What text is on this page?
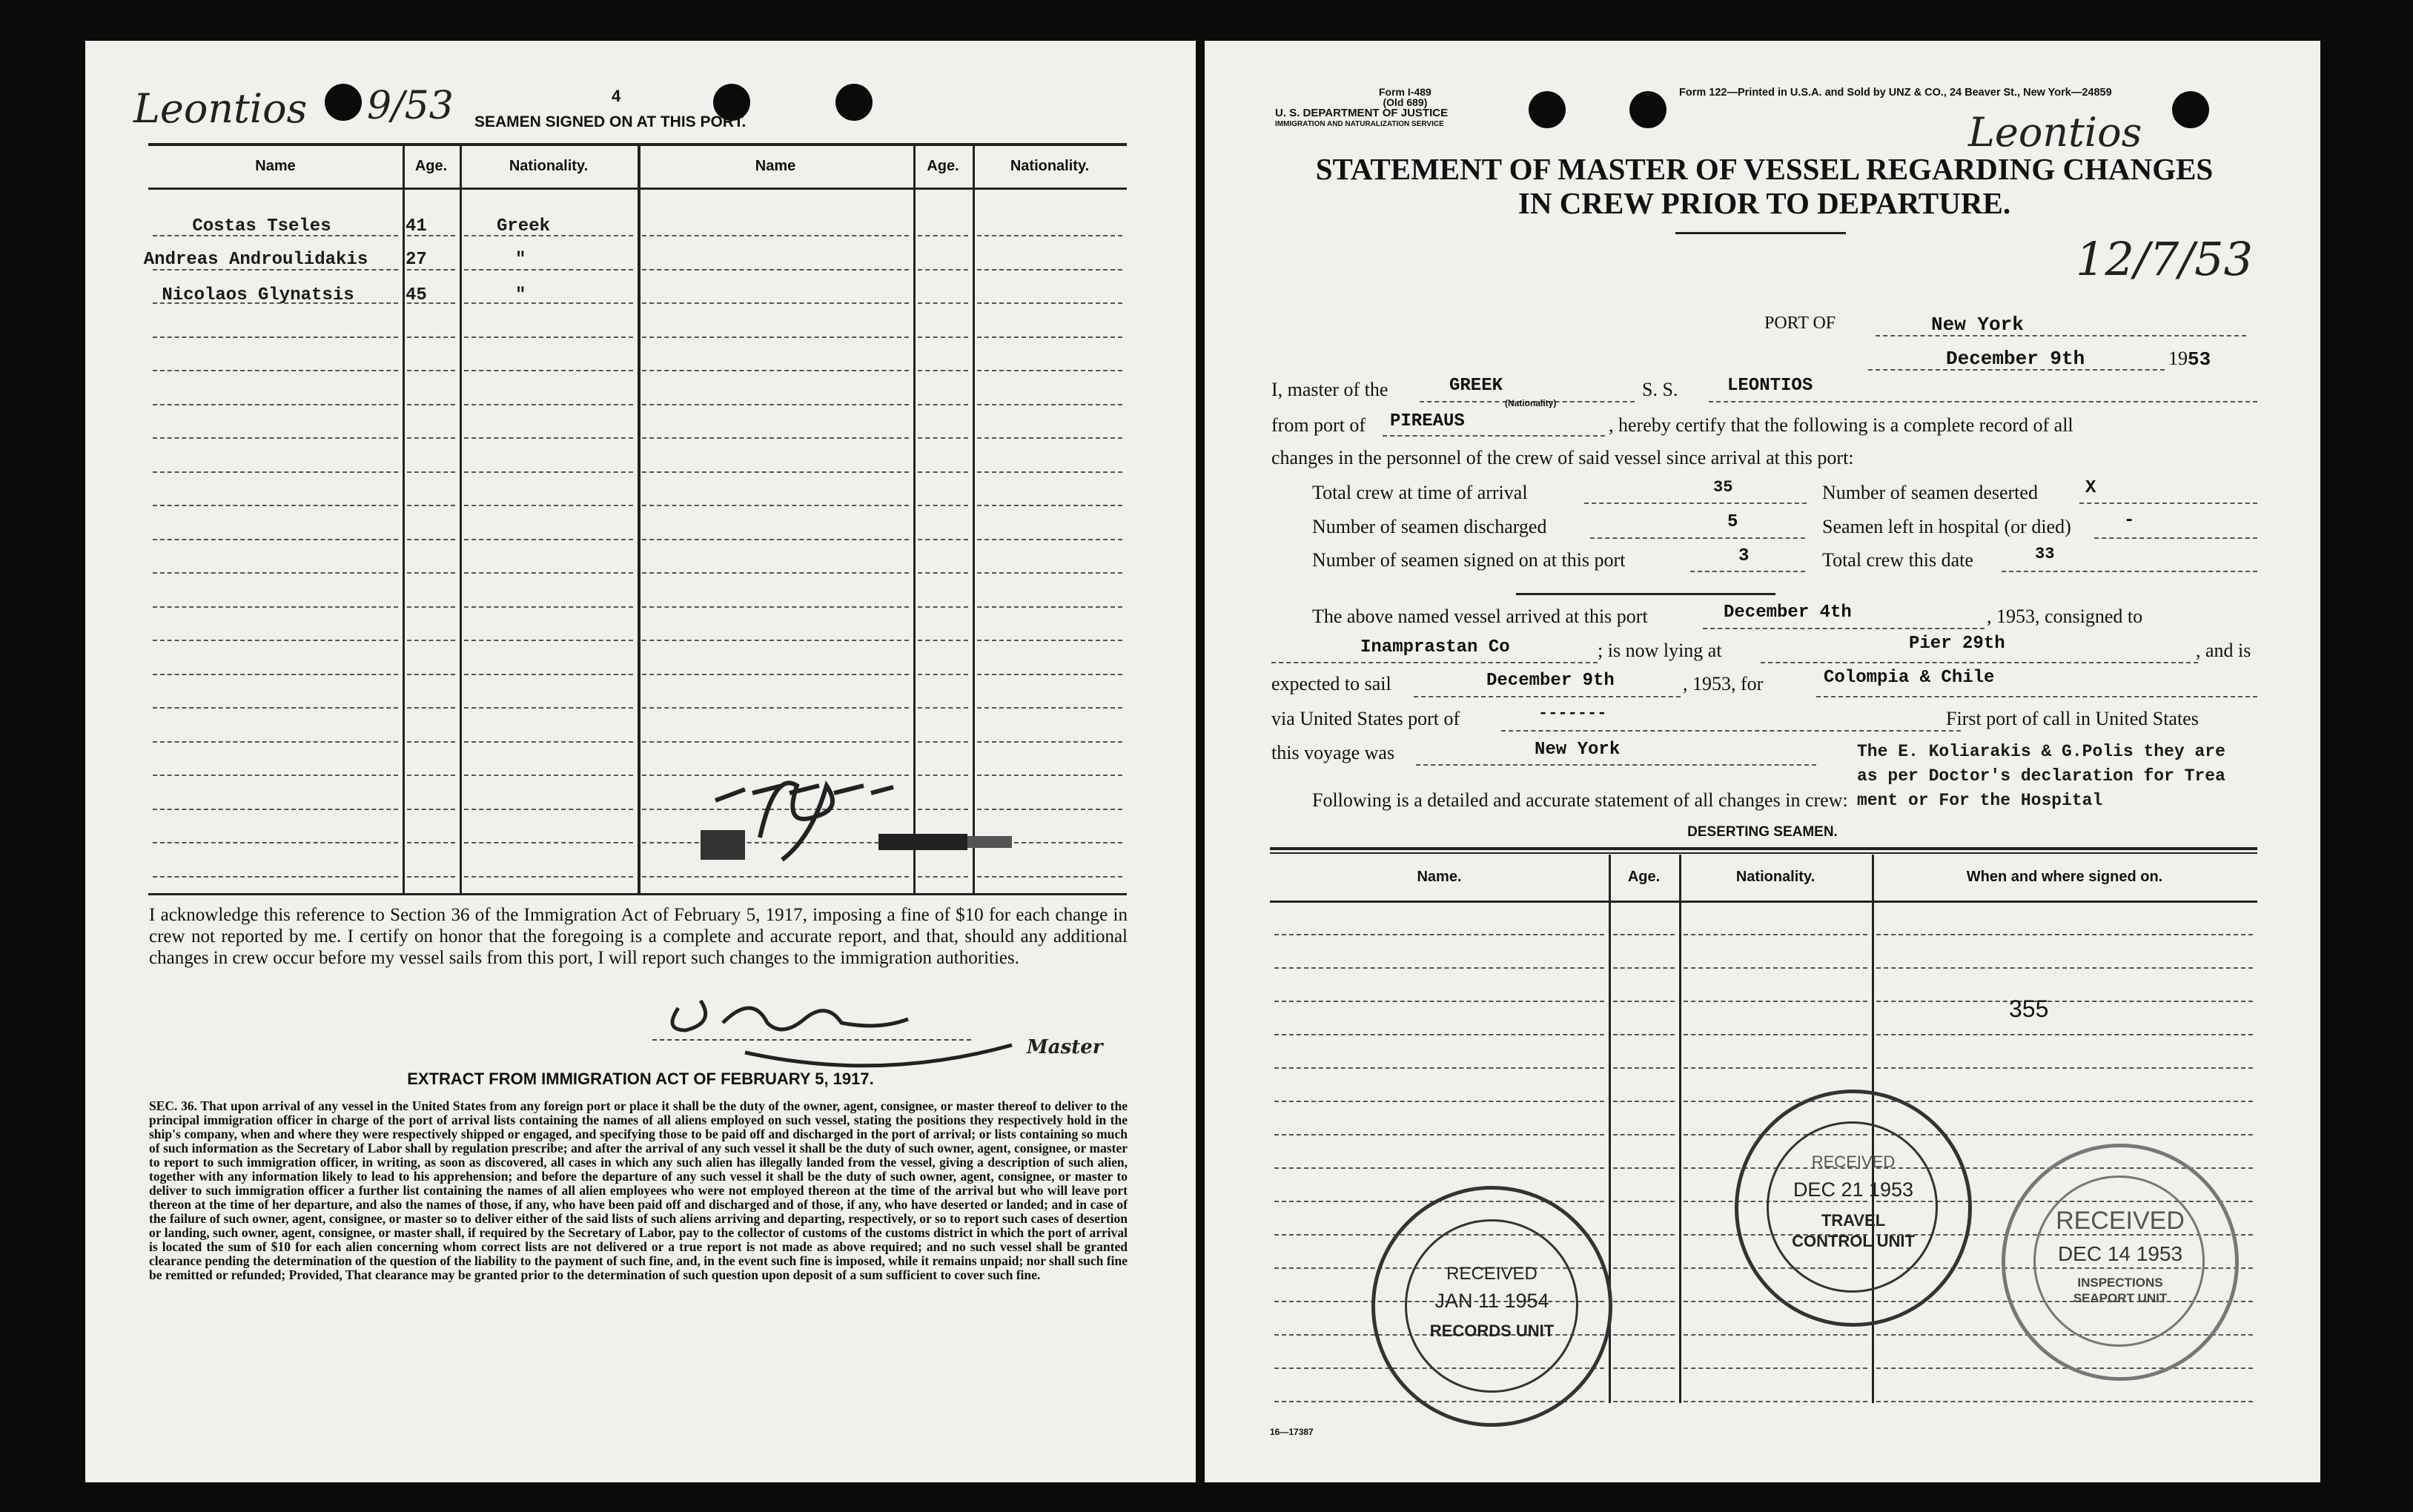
Leontios 9/53	4
SEAMEN SIGNED ON AT THIS PORT.
Name	Age.	Nationality.	Name	Age.	Nationality.
Costas Tseles	41	Greek
Andreas Androulidakis	27	"
Nicolaos Glynatsis	45	"
I acknowledge this reference to Section 36 of the Immigration Act of February 5, 1917, imposing a fine of $10 for each change in crew not reported by me. I certify on honor that the foregoing is a complete and accurate report, and that, should any additional changes in crew occur before my vessel sails from this port, I will report such changes to the immigration authorities.
Master
EXTRACT FROM IMMIGRATION ACT OF FEBRUARY 5, 1917.
SEC. 36. That upon arrival of any vessel in the United States from any foreign port or place it shall be the duty of the owner, agent, consignee, or master thereof to deliver to the principal immigration officer in charge of the port of arrival lists containing the names of all aliens employed on such vessel, stating the positions they respectively hold in the ship's company, when and where they were respectively shipped or engaged, and specifying those to be paid off and discharged in the port of arrival; or lists containing so much of such information as the Secretary of Labor shall by regulation prescribe; and after the arrival of any such vessel it shall be the duty of such owner, agent, consignee, or master to report to such immigration officer, in writing, as soon as discovered, all cases in which any such alien has illegally landed from the vessel, giving a description of such alien, together with any information likely to lead to his apprehension; and before the departure of any such vessel it shall be the duty of such owner, agent, consignee, or master to deliver to such immigration officer a further list containing the names of all alien employees who were not employed thereon at the time of the arrival but who will leave port thereon at the time of her departure, and also the names of those, if any, who have been paid off and discharged and of those, if any, who have deserted or landed; and in case of the failure of such owner, agent, consignee, or master so to deliver either of the said lists of such aliens arriving and departing, respectively, or so to report such cases of desertion or landing, such owner, agent, consignee, or master shall, if required by the Secretary of Labor, pay to the collector of customs of the customs district in which the port of arrival is located the sum of $10 for each alien concerning whom correct lists are not delivered or a true report is not made as above required; and no such vessel shall be granted clearance pending the determination of the question of the liability to the payment of such fine, and, in the event such fine is imposed, while it remains unpaid; nor shall such fine be remitted or refunded; Provided, That clearance may be granted prior to the determination of such question upon deposit of a sum sufficient to cover such fine.
Form I-489
(Old 689)
U. S. DEPARTMENT OF JUSTICE
IMMIGRATION AND NATURALIZATION SERVICE
Form 122—Printed in U.S.A. and Sold by UNZ & CO., 24 Beaver St., New York—24859
Leontios
12/7/53
STATEMENT OF MASTER OF VESSEL REGARDING CHANGES
IN CREW PRIOR TO DEPARTURE.
PORT OF	New York
December 9th	1953
I, master of the	GREEK
(Nationality)
S. S.	LEONTIOS
from port of PIREAUS	, hereby certify that the following is a complete record of all
changes in the personnel of the crew of said vessel since arrival at this port:
Total crew at time of arrival	35	Number of seamen deserted	X
Number of seamen discharged	5	Seamen left in hospital (or died)	-
Number of seamen signed on at this port	3	Total crew this date	33
The above named vessel arrived at this port	December 4th	, 1953, consigned to
Inamprastan Co	; is now lying at	Pier 29th	, and is
expected to sail	December 9th	, 1953, for	Colompia & Chile
via United States port of	-------	First port of call in United States
this voyage was	New York	The E. Koliarakis & G.Polis they are
as per Doctor's declaration for Trea
ment or For the Hospital
Following is a detailed and accurate statement of all changes in crew:
DESERTING SEAMEN.
Name.	Age.	Nationality.	When and where signed on.
355
RECEIVED
JAN 11 1954
RECORDS UNIT
RECEIVED
DEC 21 1953
TRAVEL CONTROL UNIT
RECEIVED
DEC 14 1953
INSPECTIONS SEAPORT UNIT
16—17387
